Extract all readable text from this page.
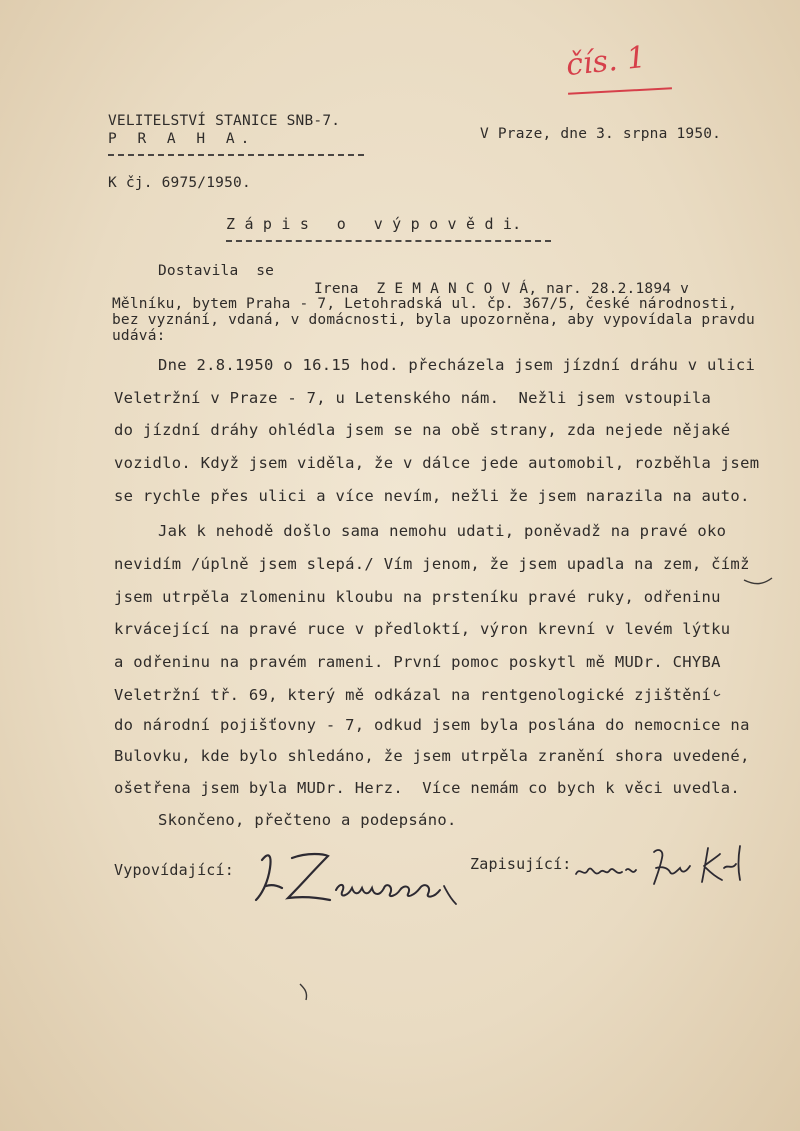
čís. 1
VELITELSTVÍ STANICE SNB-7.
P R A H A.	V Praze, dne 3. srpna 1950.
K čj. 6975/1950.
Z á p i s   o   v ý p o v ě d i.
Dostavila  se
Irena  Z E M A N C O V Á, nar. 28.2.1894 v
Mělníku, bytem Praha - 7, Letohradská ul. čp. 367/5, české národnosti,
bez vyznání, vdaná, v domácnosti, byla upozorněna, aby vypovídala pravdu
udává:
Dne 2.8.1950 o 16.15 hod. přecházela jsem jízdní dráhu v ulici
Veletržní v Praze - 7, u Letenského nám.  Nežli jsem vstoupila
do jízdní dráhy ohlédla jsem se na obě strany, zda nejede nějaké
vozidlo. Když jsem viděla, že v dálce jede automobil, rozběhla jsem
se rychle přes ulici a více nevím, nežli že jsem narazila na auto.
Jak k nehodě došlo sama nemohu udati, poněvadž na pravé oko
nevidím /úplně jsem slepá./ Vím jenom, že jsem upadla na zem, čímž
jsem utrpěla zlomeninu kloubu na prsteníku pravé ruky, odřeninu
krvácející na pravé ruce v předloktí, výron krevní v levém lýtku
a odřeninu na pravém rameni. První pomoc poskytl mě MUDr. CHYBA
Veletržní tř. 69, který mě odkázal na rentgenologické zjištění
do národní pojišťovny - 7, odkud jsem byla poslána do nemocnice na
Bulovku, kde bylo shledáno, že jsem utrpěla zranění shora uvedené,
ošetřena jsem byla MUDr. Herz.  Více nemám co bych k věci uvedla.
Skončeno, přečteno a podepsáno.
Vypovídající:	Zapisující:
